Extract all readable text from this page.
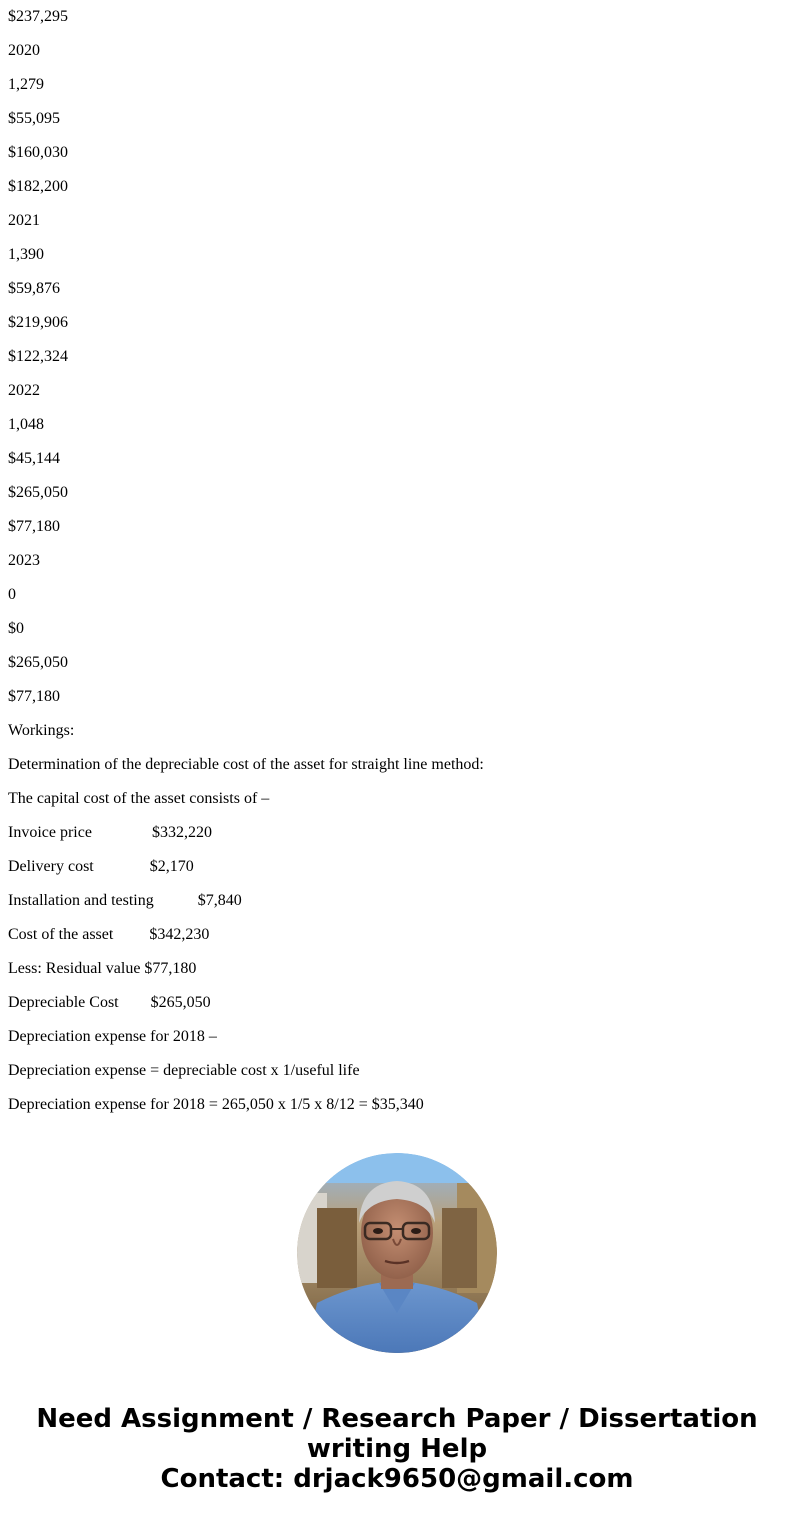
$237,295

2020

1,279

$55,095

$160,030

$182,200

2021

1,390

$59,876

$219,906

$122,324

2022

1,048

$45,144

$265,050

$77,180

2023

0

$0

$265,050

$77,180

Workings:

Determination of the depreciable cost of the asset for straight line method:

The capital cost of the asset consists of –

Invoice price               $332,220

Delivery cost              $2,170

Installation and testing           $7,840

Cost of the asset         $342,230

Less: Residual value $77,180

Depreciable Cost        $265,050

Depreciation expense for 2018 –

Depreciation expense = depreciable cost x 1/useful life

Depreciation expense for 2018 = 265,050 x 1/5 x 8/12 = $35,340

Need Assignment / Research Paper / Dissertation
writing Help
Contact: drjack9650@gmail.com
